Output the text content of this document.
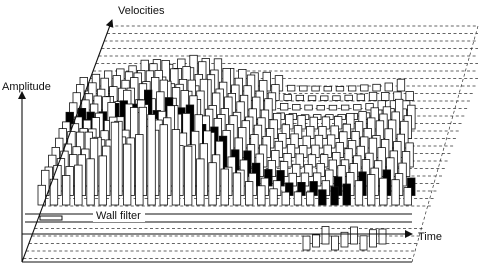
Velocities
Amplitude
Time
Wall filter
